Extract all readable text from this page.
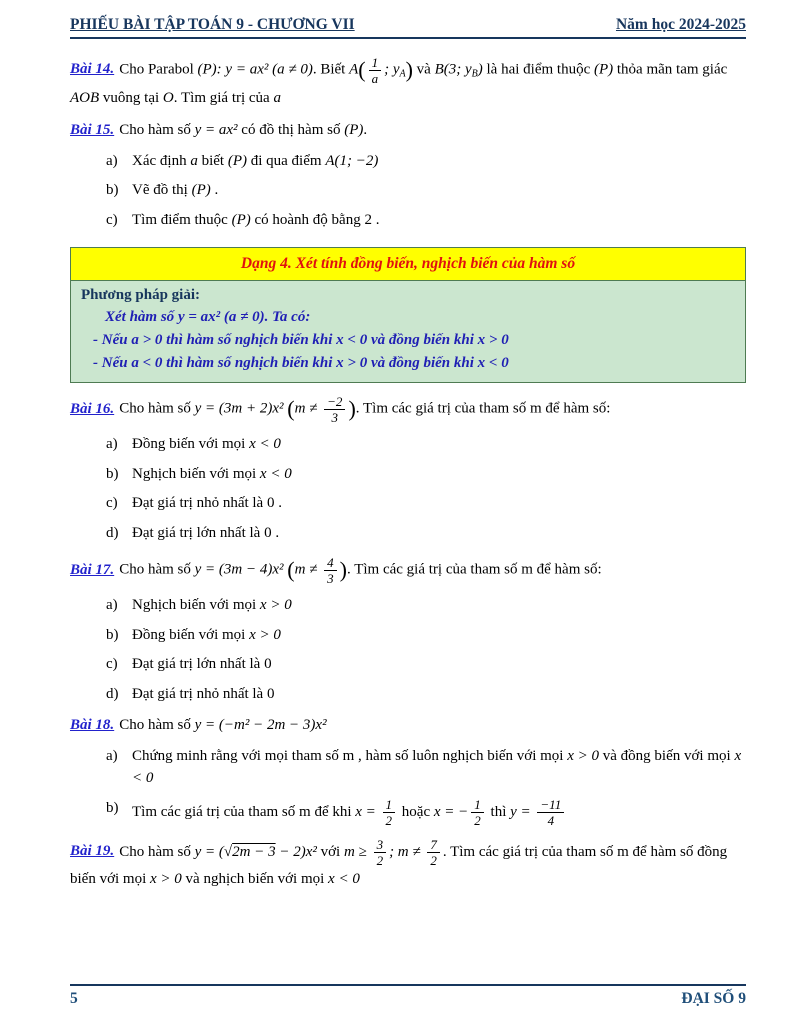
PHIẾU BÀI TẬP TOÁN 9 - CHƯƠNG VII	Năm học 2024-2025

Bài 14. Cho Parabol (P): y = ax² (a ≠ 0). Biết $A( \frac{1}{a}$ ; $y_A$) và B(3; $y_B$) là hai điểm thuộc (P) thỏa mãn tam giác AOB vuông tại O. Tìm giá trị của a

Bài 15. Cho hàm số y = ax² có đồ thị hàm số (P).

a) Xác định a biết (P) đi qua điểm A(1; −2)
b) Vẽ đồ thị (P) .
c) Tìm điểm thuộc (P) có hoành độ bằng 2 .
Dạng 4. Xét tính đồng biến, nghịch biến của hàm số
Phương pháp giải:
Xét hàm số y = ax² (a ≠ 0). Ta có:
- Nếu a > 0 thì hàm số nghịch biến khi x < 0 và đồng biến khi x > 0
- Nếu a < 0 thì hàm số nghịch biến khi x > 0 và đồng biến khi x < 0

Bài 16. Cho hàm số y = (3m + 2)x² ($m \ne \frac{-2}{3}$ ). Tìm các giá trị của tham số m để hàm số:

a) Đồng biến với mọi x < 0
b) Nghịch biến với mọi x < 0
c) Đạt giá trị nhỏ nhất là 0 .
d) Đạt giá trị lớn nhất là 0 .

Bài 17. Cho hàm số y = (3m − 4)x² ($m \ne \frac{4}{3}$ ). Tìm các giá trị của tham số m để hàm số:

a) Nghịch biến với mọi x > 0
b) Đồng biến với mọi x > 0
c) Đạt giá trị lớn nhất là 0
d) Đạt giá trị nhỏ nhất là 0

Bài 18. Cho hàm số y = (−m² − 2m − 3)x²

a) Chứng minh rằng với mọi tham số m , hàm số luôn nghịch biến với mọi x > 0 và đồng biến với mọi x < 0
b) Tìm các giá trị của tham số m để khi $x = \frac{1}{2}$ hoặc x = − $\frac{1}{2}$ thì $y = \frac{-11}{4}$

Bài 19. Cho hàm số y = (√2m − 3 − 2)x² với $m \ge \frac{3}{2}$ ; $m \ne \frac{7}{2}$ . Tìm các giá trị của tham số m để hàm số đồng biến với mọi x > 0 và nghịch biến với mọi x < 0

5	ĐẠI SỐ 9
